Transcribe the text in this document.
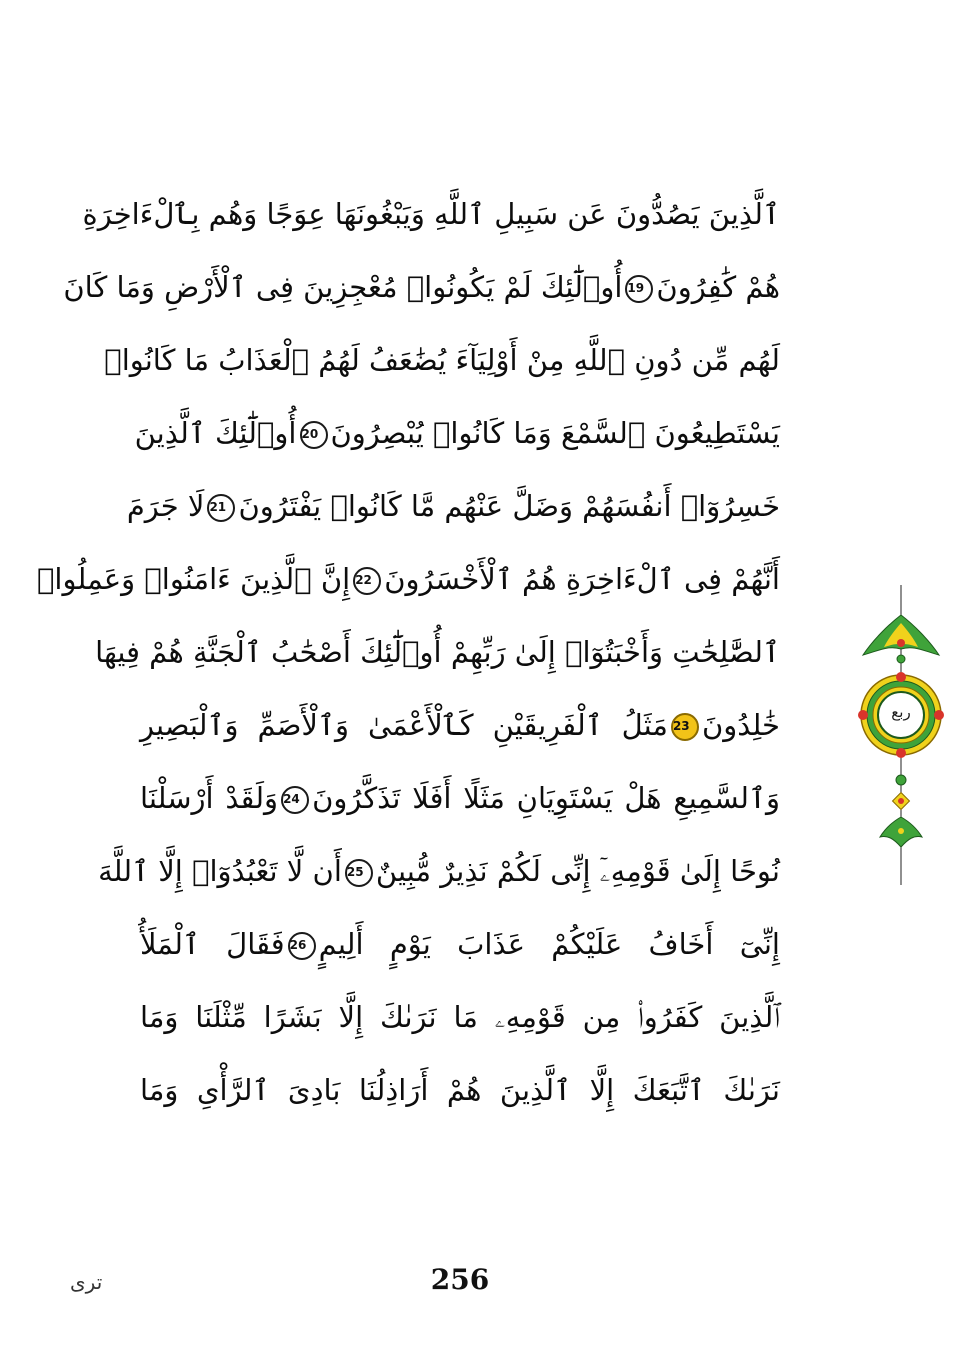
ٱلَّذِينَ يَصُدُّونَ عَن سَبِيلِ ٱللَّهِ وَيَبْغُونَهَا عِوَجًا وَهُم بِٱلْءَاخِرَةِ
هُمْ كَٰفِرُونَ19أُو۟لَٰٓئِكَ لَمْ يَكُونُوا۟ مُعْجِزِينَ فِى ٱلْأَرْضِ وَمَا كَانَ
لَهُم مِّن دُونِ ٱللَّهِ مِنْ أَوْلِيَآءَ يُضَٰعَفُ لَهُمُ ٱلْعَذَابُ مَا كَانُوا۟
يَسْتَطِيعُونَ ٱلسَّمْعَ وَمَا كَانُوا۟ يُبْصِرُونَ20أُو۟لَٰٓئِكَ ٱلَّذِينَ
خَسِرُوٓا۟ أَنفُسَهُمْ وَضَلَّ عَنْهُم مَّا كَانُوا۟ يَفْتَرُونَ21لَا جَرَمَ
أَنَّهُمْ فِى ٱلْءَاخِرَةِ هُمُ ٱلْأَخْسَرُونَ22إِنَّ ٱلَّذِينَ ءَامَنُوا۟ وَعَمِلُوا۟
ٱلصَّٰلِحَٰتِ وَأَخْبَتُوٓا۟ إِلَىٰ رَبِّهِمْ أُو۟لَٰٓئِكَ أَصْحَٰبُ ٱلْجَنَّةِ هُمْ فِيهَا
خَٰلِدُونَ23مَثَلُ ٱلْفَرِيقَيْنِ كَٱلْأَعْمَىٰ وَٱلْأَصَمِّ وَٱلْبَصِيرِ
وَٱلسَّمِيعِ هَلْ يَسْتَوِيَانِ مَثَلًا أَفَلَا تَذَكَّرُونَ24وَلَقَدْ أَرْسَلْنَا
نُوحًا إِلَىٰ قَوْمِهِۦٓ إِنِّى لَكُمْ نَذِيرٌ مُّبِينٌ25أَن لَّا تَعْبُدُوٓا۟ إِلَّا ٱللَّهَ
إِنِّىٓ أَخَافُ عَلَيْكُمْ عَذَابَ يَوْمٍ أَلِيمٍ26فَقَالَ ٱلْمَلَأُ
ٱلَّذِينَ كَفَرُوا۟ مِن قَوْمِهِۦ مَا نَرَىٰكَ إِلَّا بَشَرًا مِّثْلَنَا وَمَا
نَرَىٰكَ ٱتَّبَعَكَ إِلَّا ٱلَّذِينَ هُمْ أَرَاذِلُنَا بَادِىَ ٱلرَّأْىِ وَمَا
ربع
256
ترى
